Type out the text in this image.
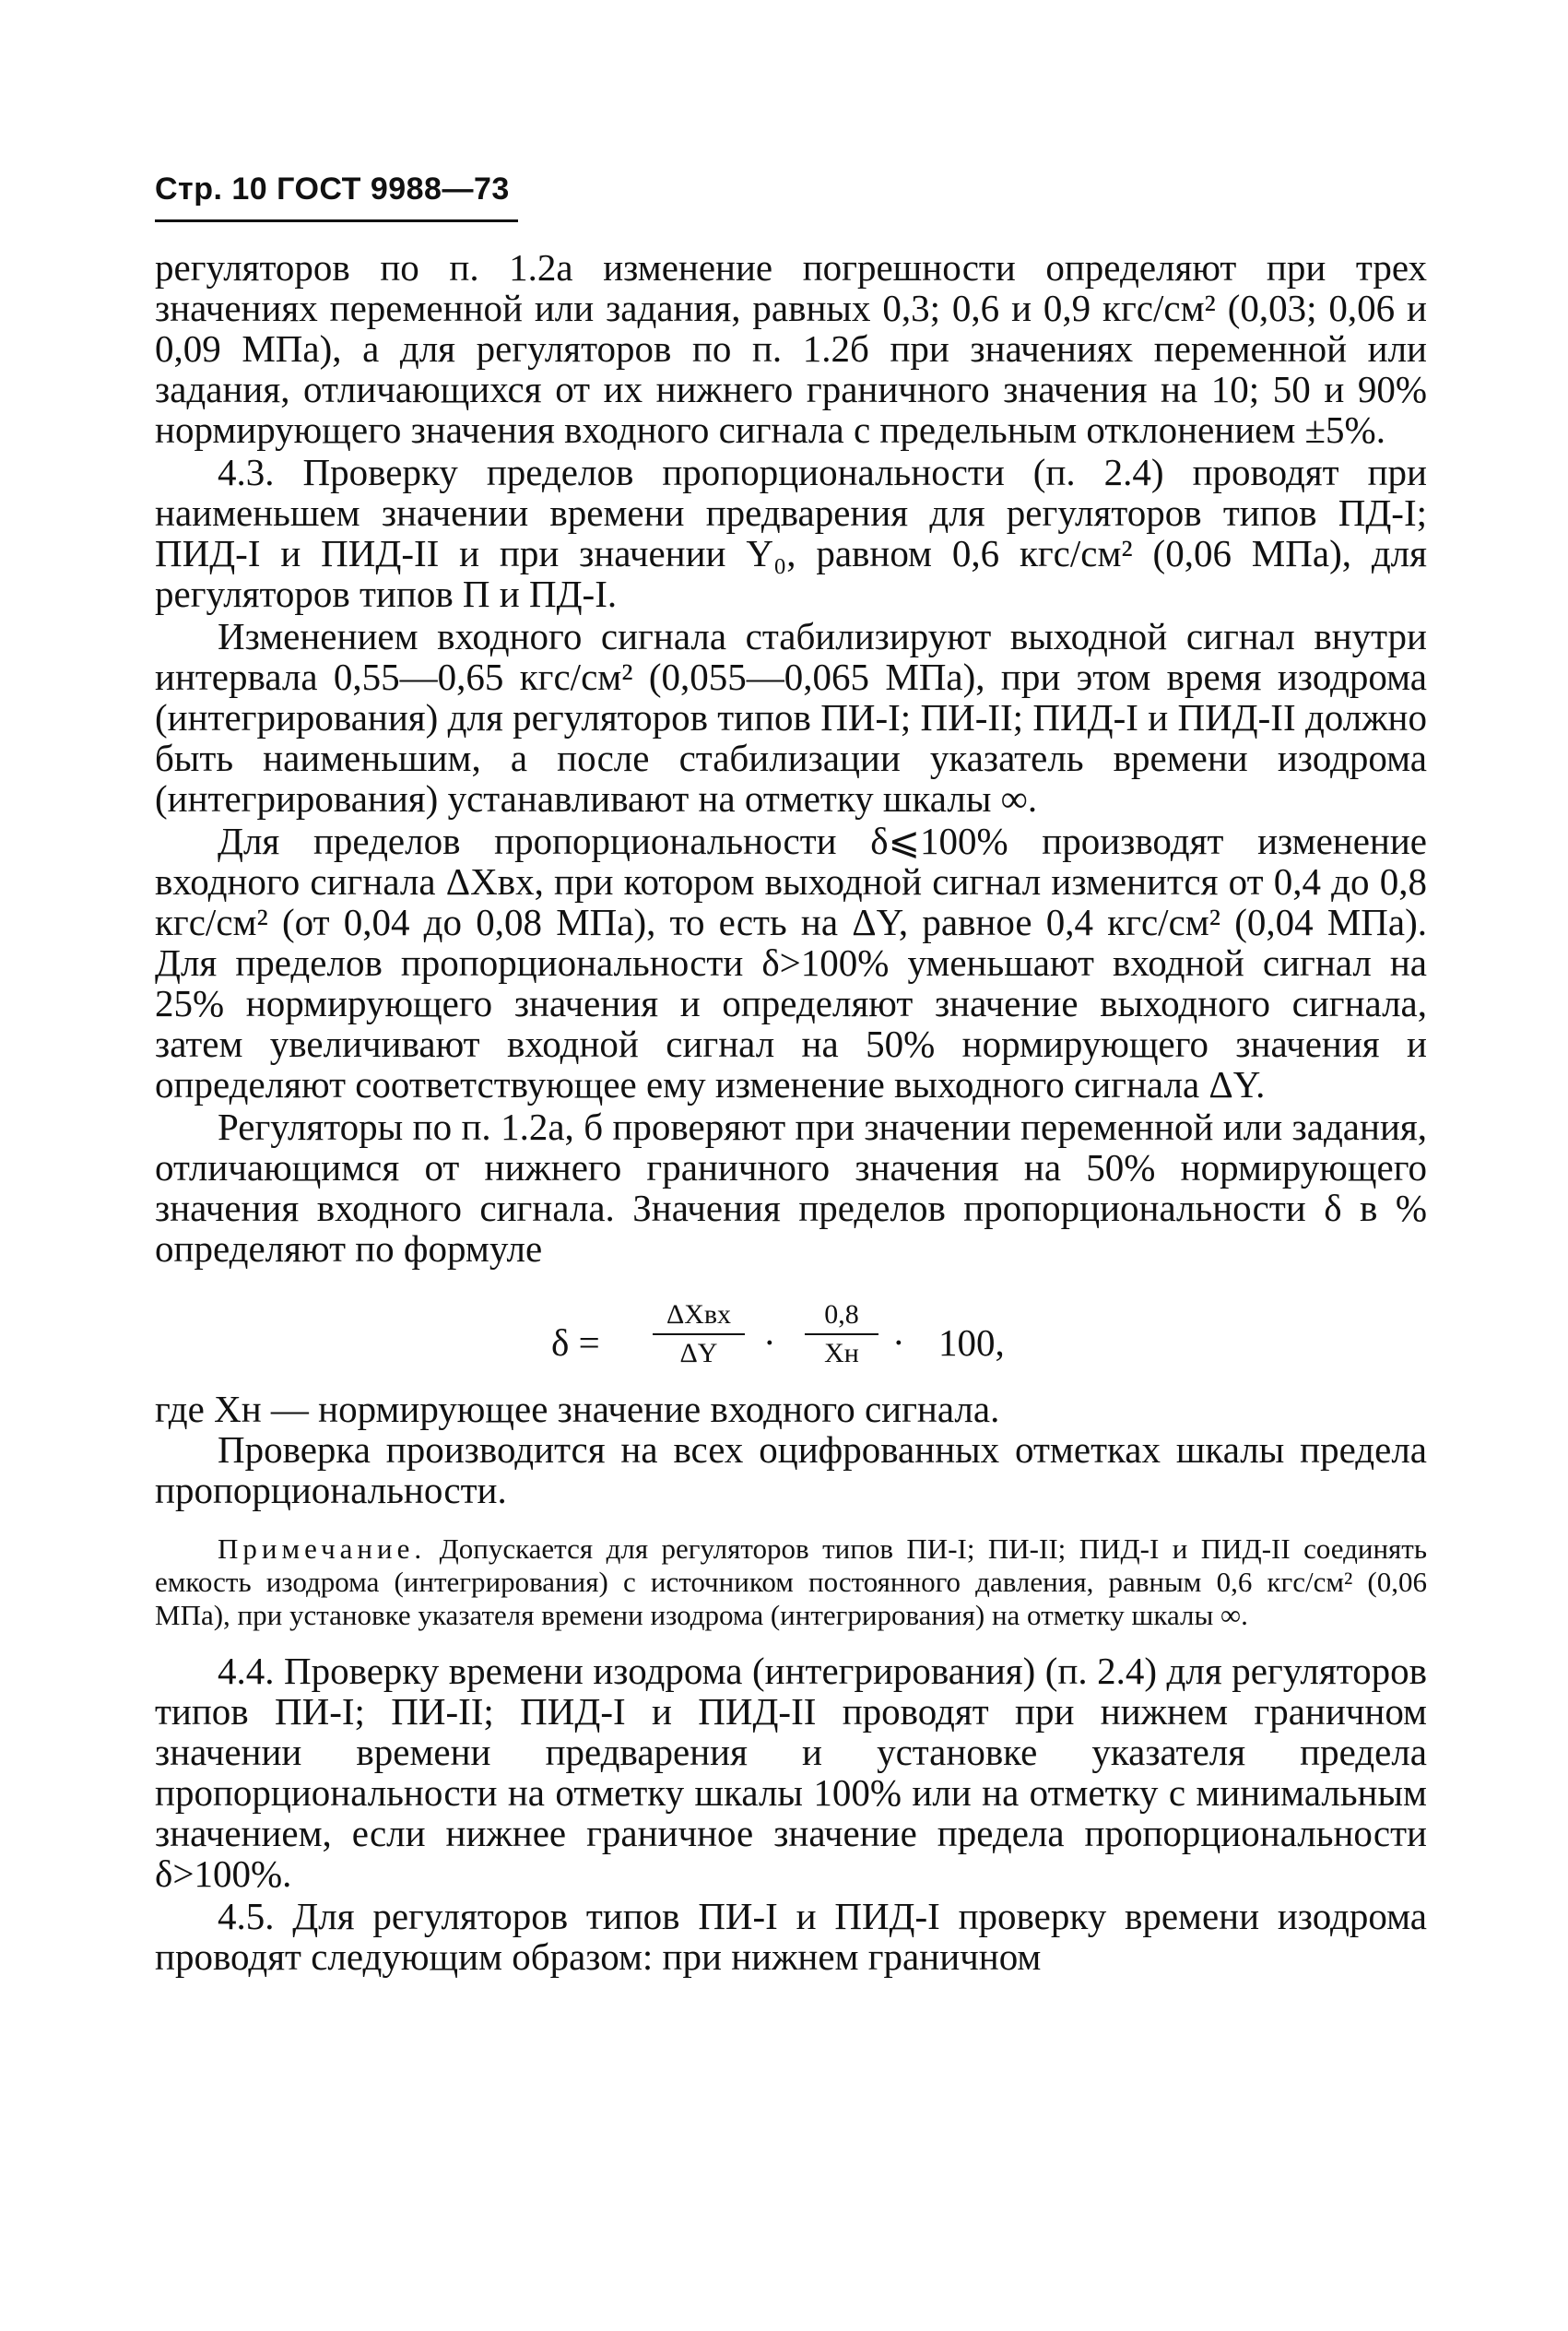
Стр. 10 ГОСТ 9988—73

регуляторов по п. 1.2а изменение погрешности определяют при трех значениях переменной или задания, равных 0,3; 0,6 и 0,9 кгс/см² (0,03; 0,06 и 0,09 МПа), а для регуляторов по п. 1.2б при значениях переменной или задания, отличающихся от их нижнего граничного значения на 10; 50 и 90% нормирующего значения входного сигнала с предельным отклонением ±5%.

4.3. Проверку пределов пропорциональности (п. 2.4) проводят при наименьшем значении времени предварения для регуляторов типов ПД-I; ПИД-I и ПИД-II и при значении Y₀, равном 0,6 кгс/см² (0,06 МПа), для регуляторов типов П и ПД-I.

Изменением входного сигнала стабилизируют выходной сигнал внутри интервала 0,55—0,65 кгс/см² (0,055—0,065 МПа), при этом время изодрома (интегрирования) для регуляторов типов ПИ-I; ПИ-II; ПИД-I и ПИД-II должно быть наименьшим, а после стабилизации указатель времени изодрома (интегрирования) устанавливают на отметку шкалы ∞.

Для пределов пропорциональности δ⩽100% производят изменение входного сигнала ΔXвх, при котором выходной сигнал изменится от 0,4 до 0,8 кгс/см² (от 0,04 до 0,08 МПа), то есть на ΔY, равное 0,4 кгс/см² (0,04 МПа). Для пределов пропорциональности δ>100% уменьшают входной сигнал на 25% нормирующего значения и определяют значение выходного сигнала, затем увеличивают входной сигнал на 50% нормирующего значения и определяют соответствующее ему изменение выходного сигнала ΔY.

Регуляторы по п. 1.2а, б проверяют при значении переменной или задания, отличающимся от нижнего граничного значения на 50% нормирующего значения входного сигнала. Значения пределов пропорциональности δ в % определяют по формуле

δ =
ΔXвх
ΔY	·
0,8
Xн · 100,

где Xн — нормирующее значение входного сигнала.

Проверка производится на всех оцифрованных отметках шкалы предела пропорциональности.

Примечание. Допускается для регуляторов типов ПИ-I; ПИ-II; ПИД-I и ПИД-II соединять емкость изодрома (интегрирования) с источником постоянного давления, равным 0,6 кгс/см² (0,06 МПа), при установке указателя времени изодрома (интегрирования) на отметку шкалы ∞.

4.4. Проверку времени изодрома (интегрирования) (п. 2.4) для регуляторов типов ПИ-I; ПИ-II; ПИД-I и ПИД-II проводят при нижнем граничном значении времени предварения и установке указателя предела пропорциональности на отметку шкалы 100% или на отметку с минимальным значением, если нижнее граничное значение предела пропорциональности δ>100%.

4.5. Для регуляторов типов ПИ-I и ПИД-I проверку времени изодрома проводят следующим образом: при нижнем граничном
